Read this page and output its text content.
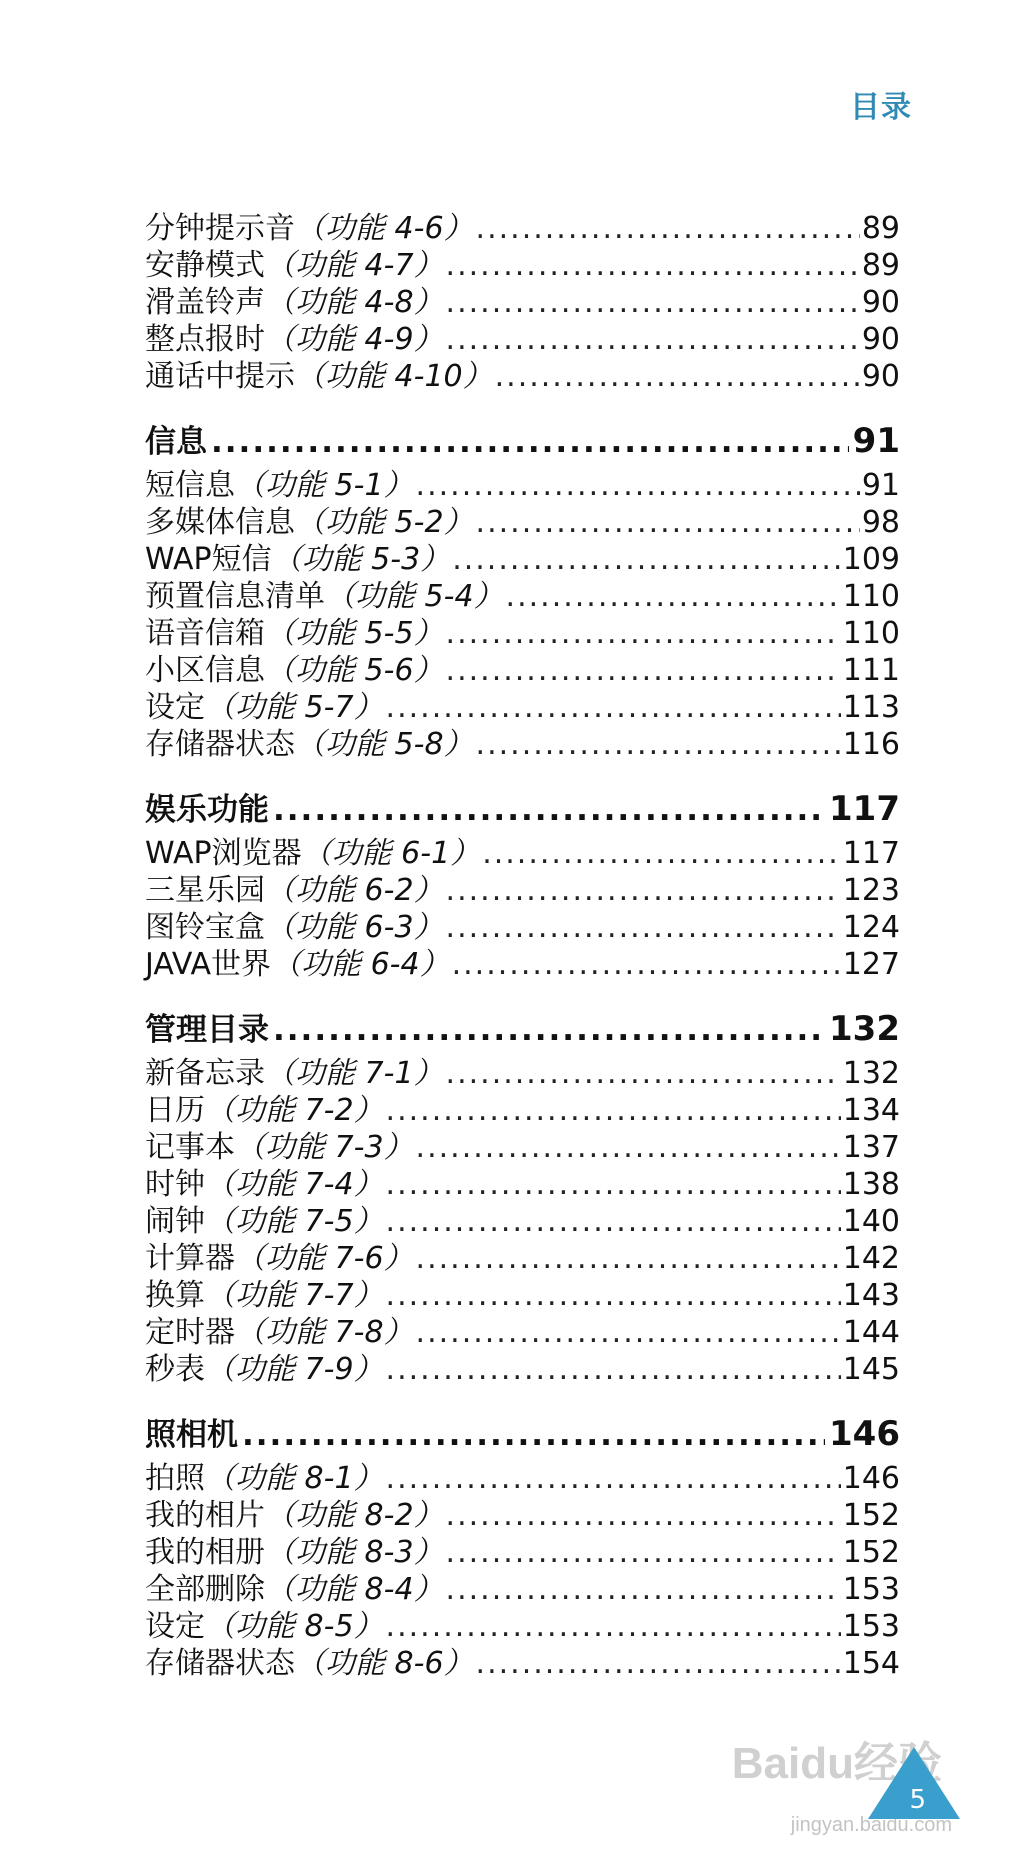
目录
分钟提示音 （功能 4-6） .....	89
安静模式 （功能 4-7） .....	89
滑盖铃声 （功能 4-8） .....	90
整点报时 （功能 4-9） .....	90
通话中提示 （功能 4-10） .....	90
信息 .....	91
短信息 （功能 5-1） .....	91
多媒体信息 （功能 5-2） .....	98
WAP短信 （功能 5-3） .....	109
预置信息清单 （功能 5-4） .....	110
语音信箱 （功能 5-5） .....	110
小区信息 （功能 5-6） .....	111
设定 （功能 5-7） .....	113
存储器状态 （功能 5-8） .....	116
娱乐功能 .....	117
WAP浏览器 （功能 6-1） .....	117
三星乐园 （功能 6-2） .....	123
图铃宝盒 （功能 6-3） .....	124
JAVA世界 （功能 6-4） .....	127
管理目录 .....	132
新备忘录 （功能 7-1） .....	132
日历 （功能 7-2） .....	134
记事本 （功能 7-3） .....	137
时钟 （功能 7-4） .....	138
闹钟 （功能 7-5） .....	140
计算器 （功能 7-6） .....	142
换算 （功能 7-7） .....	143
定时器 （功能 7-8） .....	144
秒表 （功能 7-9） .....	145
照相机 .....	146
拍照 （功能 8-1） .....	146
我的相片 （功能 8-2） .....	152
我的相册 （功能 8-3） .....	152
全部删除 （功能 8-4） .....	153
设定 （功能 8-5） .....	153
存储器状态 （功能 8-6） .....	154
Baidu经验
jingyan.baidu.com
5
